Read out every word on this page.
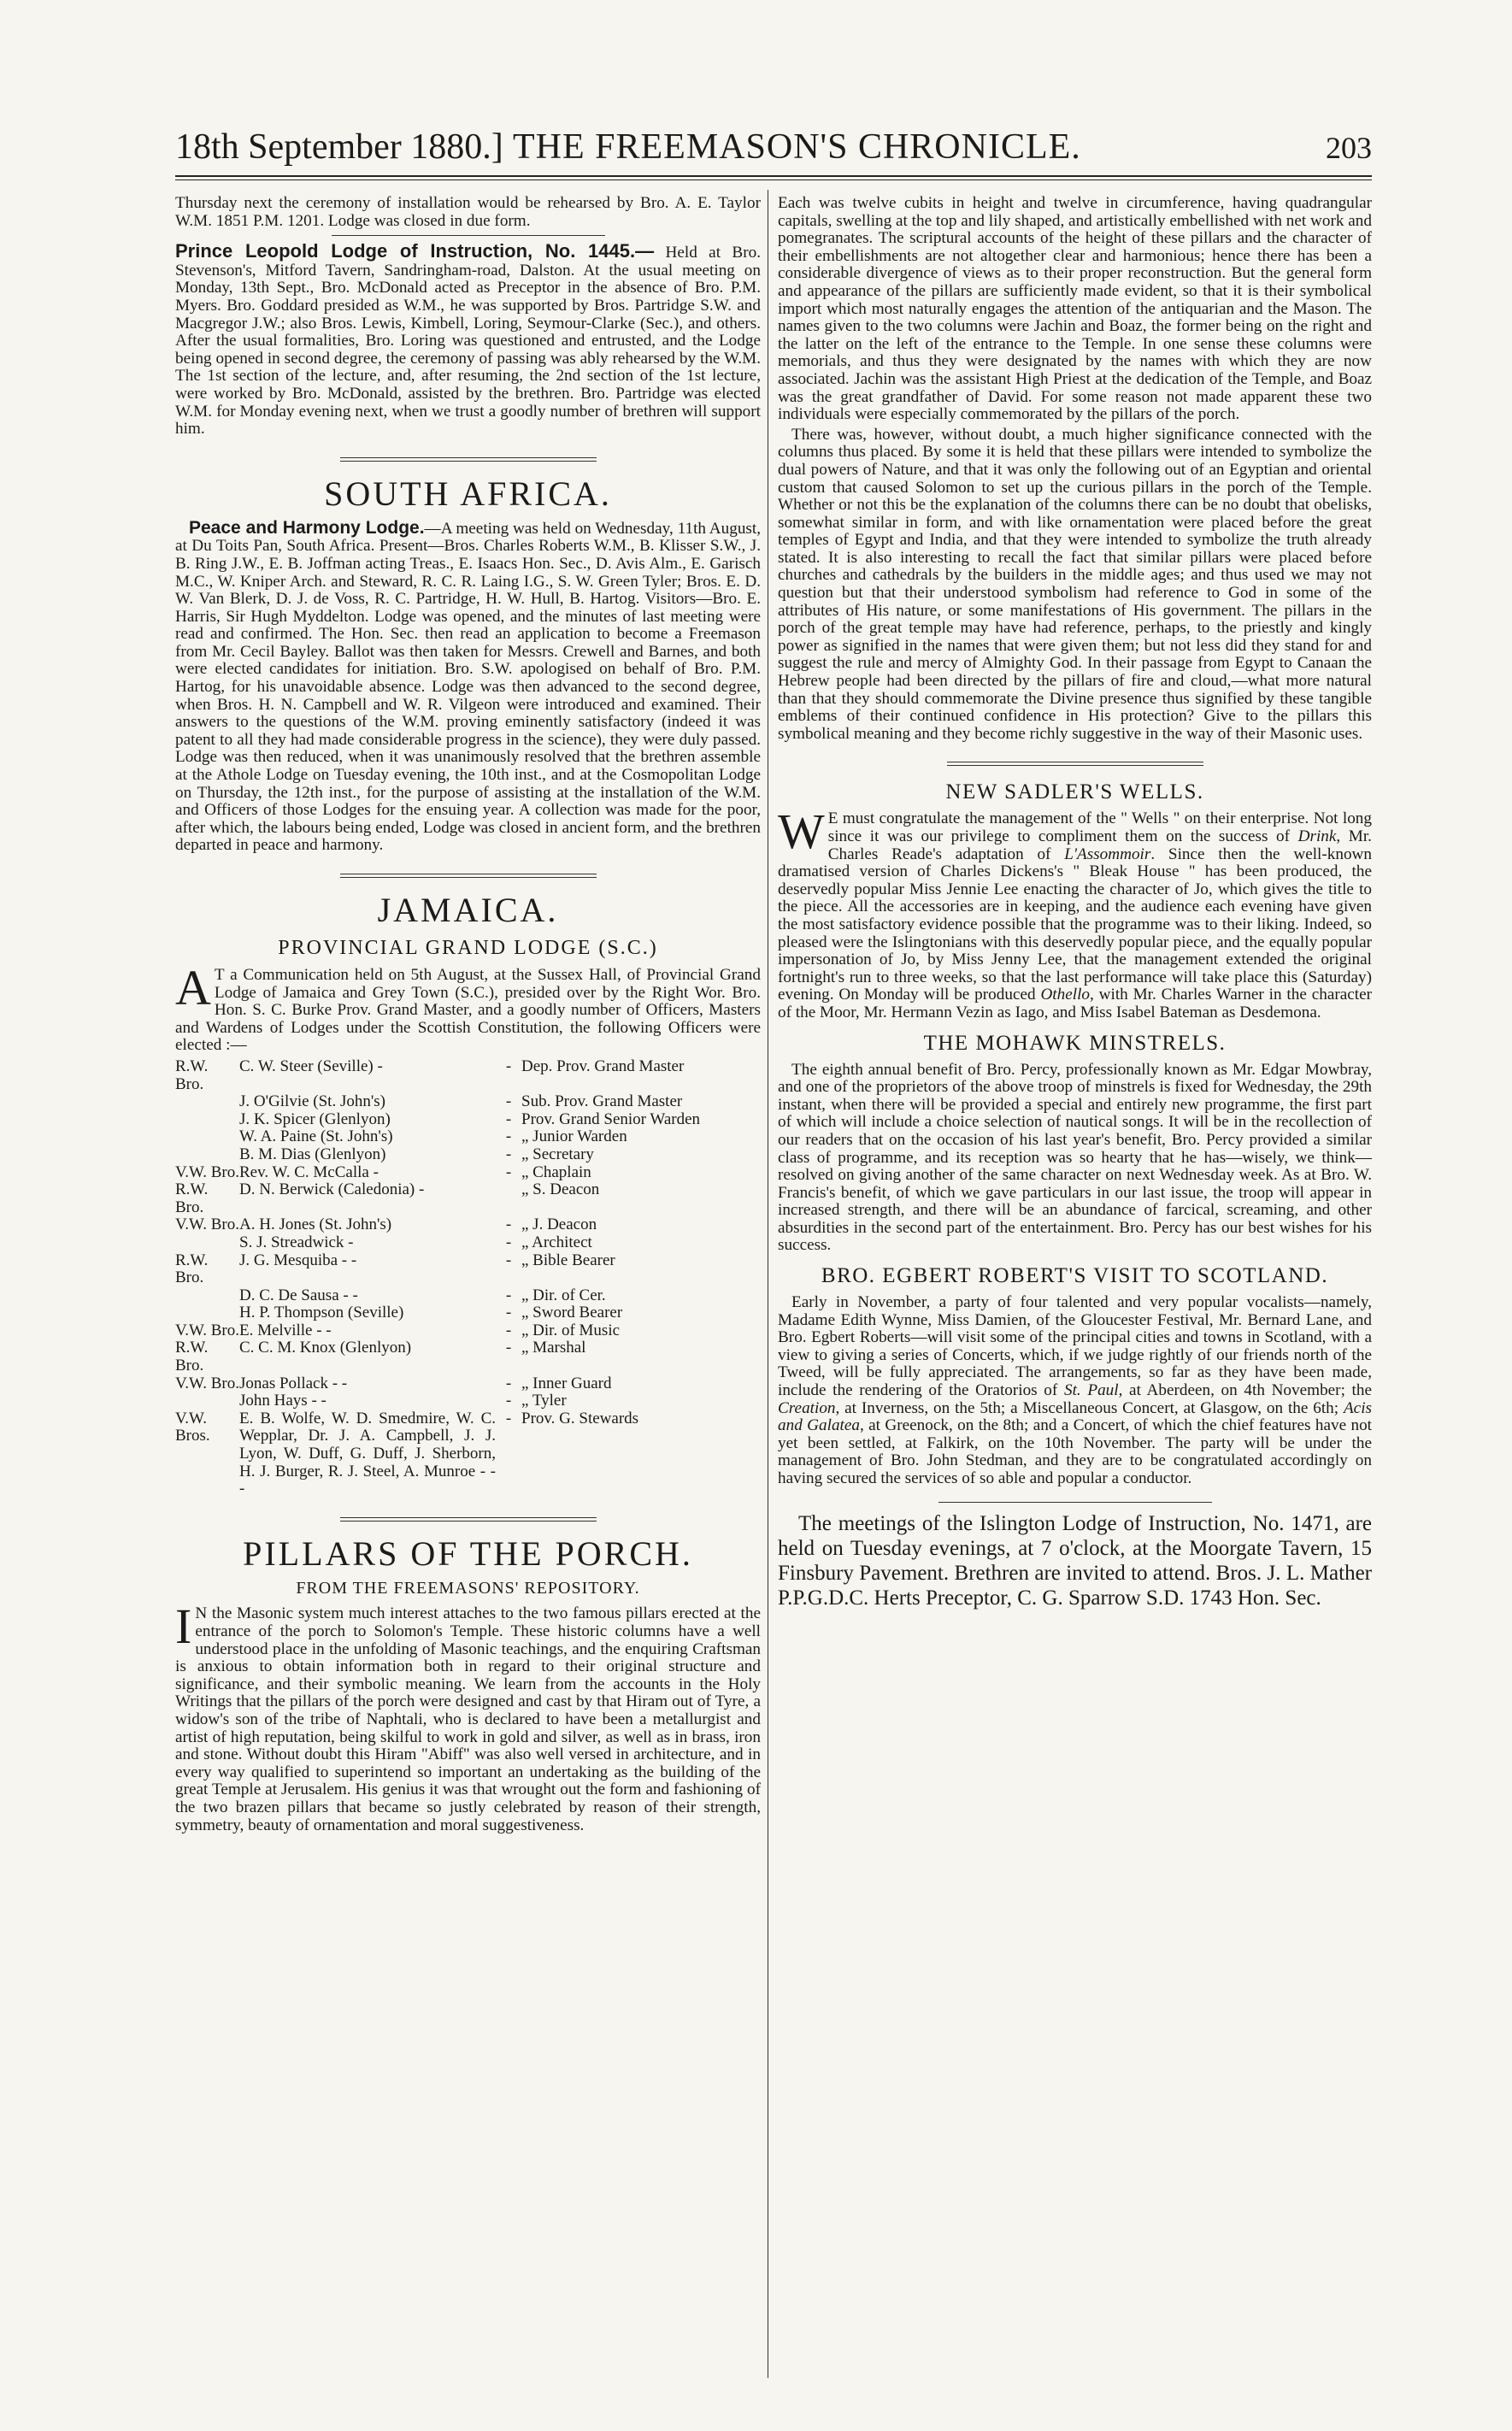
18th September 1880.] THE FREEMASON'S CHRONICLE.	203

Thursday next the ceremony of installation would be rehearsed by Bro. A. E. Taylor W.M. 1851 P.M. 1201. Lodge was closed in due form.

Prince Leopold Lodge of Instruction, No. 1445.— Held at Bro. Stevenson's, Mitford Tavern, Sandringham-road, Dalston. At the usual meeting on Monday, 13th Sept., Bro. McDonald acted as Preceptor in the absence of Bro. P.M. Myers. Bro. Goddard presided as W.M., he was supported by Bros. Partridge S.W. and Macgregor J.W.; also Bros. Lewis, Kimbell, Loring, Seymour-Clarke (Sec.), and others. After the usual formalities, Bro. Loring was questioned and entrusted, and the Lodge being opened in second degree, the ceremony of passing was ably rehearsed by the W.M. The 1st section of the lecture, and, after resuming, the 2nd section of the 1st lecture, were worked by Bro. McDonald, assisted by the brethren. Bro. Partridge was elected W.M. for Monday evening next, when we trust a goodly number of brethren will support him.

SOUTH AFRICA.

Peace and Harmony Lodge.—A meeting was held on Wednesday, 11th August, at Du Toits Pan, South Africa. Present—Bros. Charles Roberts W.M., B. Klisser S.W., J. B. Ring J.W., E. B. Joffman acting Treas., E. Isaacs Hon. Sec., D. Avis Alm., E. Garisch M.C., W. Kniper Arch. and Steward, R. C. R. Laing I.G., S. W. Green Tyler; Bros. E. D. W. Van Blerk, D. J. de Voss, R. C. Partridge, H. W. Hull, B. Hartog. Visitors—Bro. E. Harris, Sir Hugh Myddelton. Lodge was opened, and the minutes of last meeting were read and confirmed. The Hon. Sec. then read an application to become a Freemason from Mr. Cecil Bayley. Ballot was then taken for Messrs. Crewell and Barnes, and both were elected candidates for initiation. Bro. S.W. apologised on behalf of Bro. P.M. Hartog, for his unavoidable absence. Lodge was then advanced to the second degree, when Bros. H. N. Campbell and W. R. Vilgeon were introduced and examined. Their answers to the questions of the W.M. proving eminently satisfactory (indeed it was patent to all they had made considerable progress in the science), they were duly passed. Lodge was then reduced, when it was unanimously resolved that the brethren assemble at the Athole Lodge on Tuesday evening, the 10th inst., and at the Cosmopolitan Lodge on Thursday, the 12th inst., for the purpose of assisting at the installation of the W.M. and Officers of those Lodges for the ensuing year. A collection was made for the poor, after which, the labours being ended, Lodge was closed in ancient form, and the brethren departed in peace and harmony.

JAMAICA.
PROVINCIAL GRAND LODGE (S.C.)

A T a Communication held on 5th August, at the Sussex Hall, of Provincial Grand Lodge of Jamaica and Grey Town (S.C.), presided over by the Right Wor. Bro. Hon. S. C. Burke Prov. Grand Master, and a goodly number of Officers, Masters and Wardens of Lodges under the Scottish Constitution, the following Officers were elected :—

R.W. Bro.	C. W. Steer (Seville) -	-	Dep. Prov. Grand Master
	J. O'Gilvie (St. John's)	-	Sub. Prov. Grand Master
	J. K. Spicer (Glenlyon)	-	Prov. Grand Senior Warden
	W. A. Paine (St. John's)	-	„ Junior Warden
	B. M. Dias (Glenlyon)	-	„ Secretary
V.W. Bro.	Rev. W. C. McCalla -	-	„ Chaplain
R.W. Bro.	D. N. Berwick (Caledonia) -		„ S. Deacon
V.W. Bro.	A. H. Jones (St. John's)	-	„ J. Deacon
	S. J. Streadwick -	-	„ Architect
R.W. Bro.	J. G. Mesquiba - -	-	„ Bible Bearer
	D. C. De Sausa - -	-	„ Dir. of Cer.
	H. P. Thompson (Seville)	-	„ Sword Bearer
V.W. Bro.	E. Melville - -	-	„ Dir. of Music
R.W. Bro.	C. C. M. Knox (Glenlyon)	-	„ Marshal
V.W. Bro.	Jonas Pollack - -	-	„ Inner Guard
	John Hays - -	-	„ Tyler
V.W. Bros.	E. B. Wolfe, W. D. Smedmire, W. C. Wepplar, Dr. J. A. Campbell, J. J. Lyon, W. Duff, G. Duff, J. Sherborn, H. J. Burger, R. J. Steel, A. Munroe - - -	-	Prov. G. Stewards
PILLARS OF THE PORCH.
FROM THE FREEMASONS' REPOSITORY.

I N the Masonic system much interest attaches to the two famous pillars erected at the entrance of the porch to Solomon's Temple. These historic columns have a well understood place in the unfolding of Masonic teachings, and the enquiring Craftsman is anxious to obtain information both in regard to their original structure and significance, and their symbolic meaning. We learn from the accounts in the Holy Writings that the pillars of the porch were designed and cast by that Hiram out of Tyre, a widow's son of the tribe of Naphtali, who is declared to have been a metallurgist and artist of high reputation, being skilful to work in gold and silver, as well as in brass, iron and stone. Without doubt this Hiram "Abiff" was also well versed in architecture, and in every way qualified to superintend so important an undertaking as the building of the great Temple at Jerusalem. His genius it was that wrought out the form and fashioning of the two brazen pillars that became so justly celebrated by reason of their strength, symmetry, beauty of ornamentation and moral suggestiveness.

Each was twelve cubits in height and twelve in circumference, having quadrangular capitals, swelling at the top and lily shaped, and artistically embellished with net work and pomegranates. The scriptural accounts of the height of these pillars and the character of their embellishments are not altogether clear and harmonious; hence there has been a considerable divergence of views as to their proper reconstruction. But the general form and appearance of the pillars are sufficiently made evident, so that it is their symbolical import which most naturally engages the attention of the antiquarian and the Mason. The names given to the two columns were Jachin and Boaz, the former being on the right and the latter on the left of the entrance to the Temple. In one sense these columns were memorials, and thus they were designated by the names with which they are now associated. Jachin was the assistant High Priest at the dedication of the Temple, and Boaz was the great grandfather of David. For some reason not made apparent these two individuals were especially commemorated by the pillars of the porch.

There was, however, without doubt, a much higher significance connected with the columns thus placed. By some it is held that these pillars were intended to symbolize the dual powers of Nature, and that it was only the following out of an Egyptian and oriental custom that caused Solomon to set up the curious pillars in the porch of the Temple. Whether or not this be the explanation of the columns there can be no doubt that obelisks, somewhat similar in form, and with like ornamentation were placed before the great temples of Egypt and India, and that they were intended to symbolize the truth already stated. It is also interesting to recall the fact that similar pillars were placed before churches and cathedrals by the builders in the middle ages; and thus used we may not question but that their understood symbolism had reference to God in some of the attributes of His nature, or some manifestations of His government. The pillars in the porch of the great temple may have had reference, perhaps, to the priestly and kingly power as signified in the names that were given them; but not less did they stand for and suggest the rule and mercy of Almighty God. In their passage from Egypt to Canaan the Hebrew people had been directed by the pillars of fire and cloud,—what more natural than that they should commemorate the Divine presence thus signified by these tangible emblems of their continued confidence in His protection? Give to the pillars this symbolical meaning and they become richly suggestive in the way of their Masonic uses.

NEW SADLER'S WELLS.

W E must congratulate the management of the " Wells " on their enterprise. Not long since it was our privilege to compliment them on the success of Drink, Mr. Charles Reade's adaptation of L'Assommoir. Since then the well-known dramatised version of Charles Dickens's " Bleak House " has been produced, the deservedly popular Miss Jennie Lee enacting the character of Jo, which gives the title to the piece. All the accessories are in keeping, and the audience each evening have given the most satisfactory evidence possible that the programme was to their liking. Indeed, so pleased were the Islingtonians with this deservedly popular piece, and the equally popular impersonation of Jo, by Miss Jenny Lee, that the management extended the original fortnight's run to three weeks, so that the last performance will take place this (Saturday) evening. On Monday will be produced Othello, with Mr. Charles Warner in the character of the Moor, Mr. Hermann Vezin as Iago, and Miss Isabel Bateman as Desdemona.

THE MOHAWK MINSTRELS.

The eighth annual benefit of Bro. Percy, professionally known as Mr. Edgar Mowbray, and one of the proprietors of the above troop of minstrels is fixed for Wednesday, the 29th instant, when there will be provided a special and entirely new programme, the first part of which will include a choice selection of nautical songs. It will be in the recollection of our readers that on the occasion of his last year's benefit, Bro. Percy provided a similar class of programme, and its reception was so hearty that he has—wisely, we think—resolved on giving another of the same character on next Wednesday week. As at Bro. W. Francis's benefit, of which we gave particulars in our last issue, the troop will appear in increased strength, and there will be an abundance of farcical, screaming, and other absurdities in the second part of the entertainment. Bro. Percy has our best wishes for his success.

BRO. EGBERT ROBERT'S VISIT TO SCOTLAND.

Early in November, a party of four talented and very popular vocalists—namely, Madame Edith Wynne, Miss Damien, of the Gloucester Festival, Mr. Bernard Lane, and Bro. Egbert Roberts—will visit some of the principal cities and towns in Scotland, with a view to giving a series of Concerts, which, if we judge rightly of our friends north of the Tweed, will be fully appreciated. The arrangements, so far as they have been made, include the rendering of the Oratorios of St. Paul, at Aberdeen, on 4th November; the Creation, at Inverness, on the 5th; a Miscellaneous Concert, at Glasgow, on the 6th; Acis and Galatea, at Greenock, on the 8th; and a Concert, of which the chief features have not yet been settled, at Falkirk, on the 10th November. The party will be under the management of Bro. John Stedman, and they are to be congratulated accordingly on having secured the services of so able and popular a conductor.

The meetings of the Islington Lodge of Instruction, No. 1471, are held on Tuesday evenings, at 7 o'clock, at the Moorgate Tavern, 15 Finsbury Pavement. Brethren are invited to attend. Bros. J. L. Mather P.P.G.D.C. Herts Preceptor, C. G. Sparrow S.D. 1743 Hon. Sec.
